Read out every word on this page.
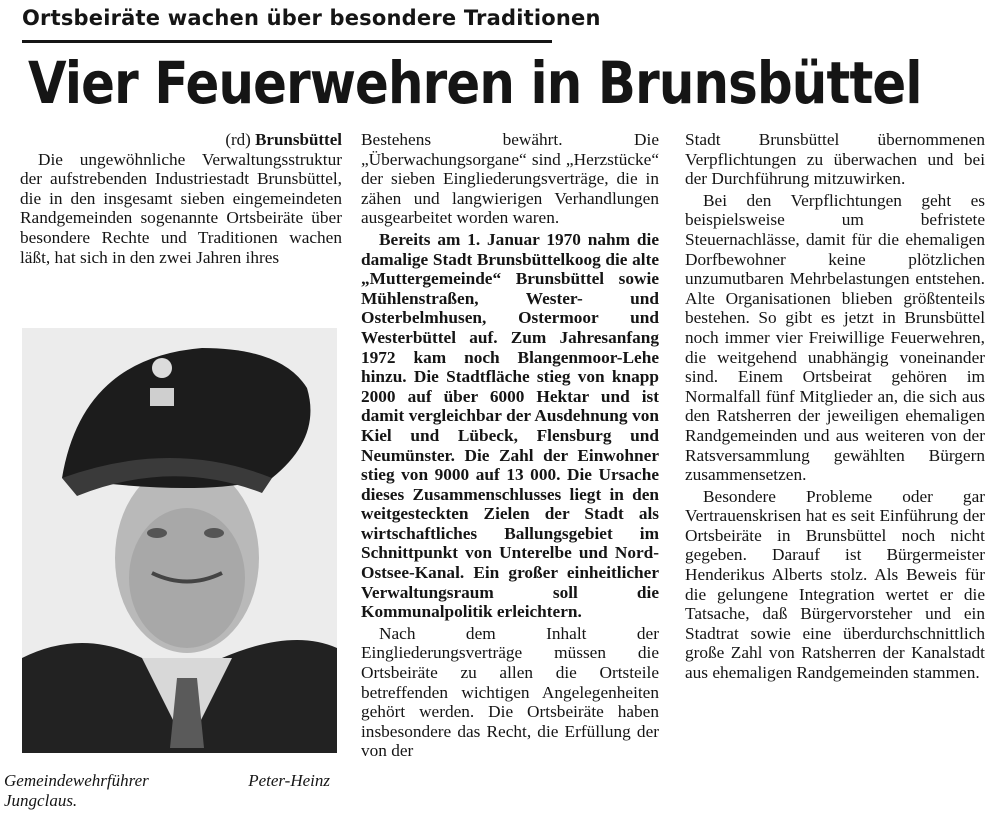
Ortsbeiräte wachen über besondere Traditionen
Vier Feuerwehren in Brunsbüttel
(rd) Brunsbüttel

Die ungewöhnliche Verwaltungsstruktur der aufstrebenden Industriestadt Brunsbüttel, die in den insgesamt sieben eingemeindeten Randgemeinden sogenannte Ortsbeiräte über besondere Rechte und Traditionen wachen läßt, hat sich in den zwei Jahren ihres

Gemeindewehrführer	Peter-Heinz
Jungclaus.

Bestehens bewährt. Die „Überwachungsorgane“ sind „Herzstücke“ der sieben Eingliederungsverträge, die in zähen und langwierigen Verhandlungen ausgearbeitet worden waren.

Bereits am 1. Januar 1970 nahm die damalige Stadt Brunsbüttelkoog die alte „Muttergemeinde“ Brunsbüttel sowie Mühlenstraßen, Wester- und Osterbelmhusen, Ostermoor und Westerbüttel auf. Zum Jahresanfang 1972 kam noch Blangenmoor-Lehe hinzu. Die Stadtfläche stieg von knapp 2000 auf über 6000 Hektar und ist damit vergleichbar der Ausdehnung von Kiel und Lübeck, Flensburg und Neumünster. Die Zahl der Einwohner stieg von 9000 auf 13 000. Die Ursache dieses Zusammenschlusses liegt in den weitgesteckten Zielen der Stadt als wirtschaftliches Ballungsgebiet im Schnittpunkt von Unterelbe und Nord-Ostsee-Kanal. Ein großer einheitlicher Verwaltungsraum soll die Kommunalpolitik erleichtern.

Nach dem Inhalt der Eingliederungsverträge müssen die Ortsbeiräte zu allen die Ortsteile betreffenden wichtigen Angelegenheiten gehört werden. Die Ortsbeiräte haben insbesondere das Recht, die Erfüllung der von der

Stadt Brunsbüttel übernommenen Verpflichtungen zu überwachen und bei der Durchführung mitzuwirken.

Bei den Verpflichtungen geht es beispielsweise um befristete Steuernachlässe, damit für die ehemaligen Dorfbewohner keine plötzlichen unzumutbaren Mehrbelastungen entstehen. Alte Organisationen blieben größtenteils bestehen. So gibt es jetzt in Brunsbüttel noch immer vier Freiwillige Feuerwehren, die weitgehend unabhängig voneinander sind. Einem Ortsbeirat gehören im Normalfall fünf Mitglieder an, die sich aus den Ratsherren der jeweiligen ehemaligen Randgemeinden und aus weiteren von der Ratsversammlung gewählten Bürgern zusammensetzen.

Besondere Probleme oder gar Vertrauenskrisen hat es seit Einführung der Ortsbeiräte in Brunsbüttel noch nicht gegeben. Darauf ist Bürgermeister Henderikus Alberts stolz. Als Beweis für die gelungene Integration wertet er die Tatsache, daß Bürgervorsteher und ein Stadtrat sowie eine überdurchschnittlich große Zahl von Ratsherren der Kanalstadt aus ehemaligen Randgemeinden stammen.
